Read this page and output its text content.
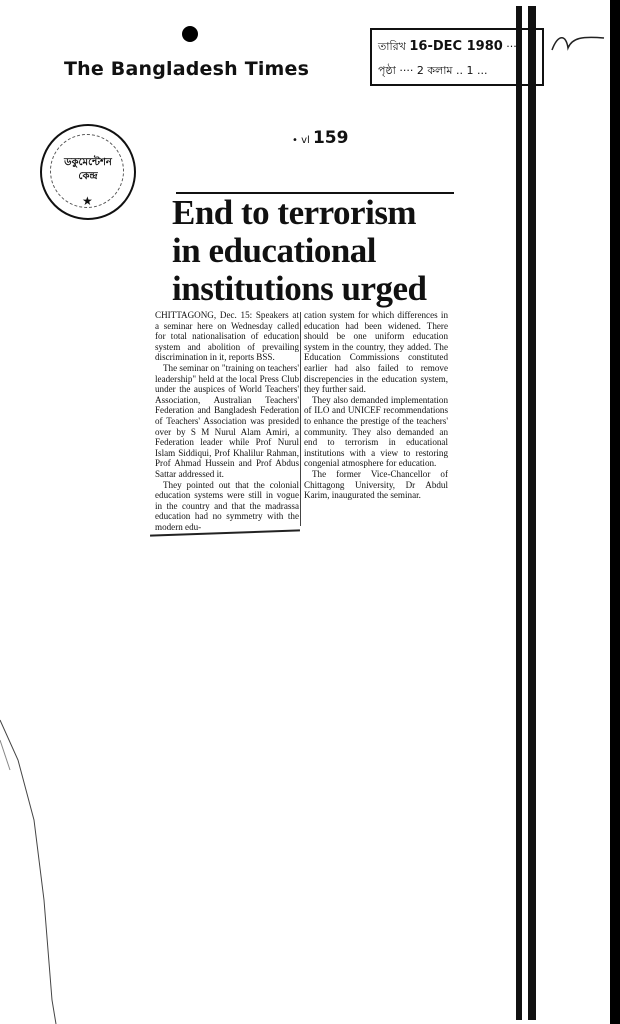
The Bangladesh Times
তারিখ 16-DEC 1980 ···
পৃষ্ঠা ···· 2 কলাম .. 1 ...
ডকুমেন্টেশন
কেন্দ্র
★
• vl 159
End to terrorism
in educational
institutions urged

CHITTAGONG, Dec. 15: Speakers at a seminar here on Wednesday called for total nationalisation of education system and abolition of prevailing discrimination in it, reports BSS.

The seminar on "training on teachers' leadership" held at the local Press Club under the auspices of World Teachers' Association, Australian Teachers' Federation and Bangladesh Federation of Teachers' Association was presided over by S M Nurul Alam Amiri, a Federation leader while Prof Nurul Islam Siddiqui, Prof Khalilur Rahman, Prof Ahmad Hussein and Prof Abdus Sattar addressed it.

They pointed out that the colonial education systems were still in vogue in the country and that the madrassa education had no symmetry with the modern edu-

cation system for which differences in education had been widened. There should be one uniform education system in the country, they added. The Education Commissions constituted earlier had also failed to remove discrepencies in the education system, they further said.

They also demanded implementation of ILO and UNICEF recommendations to enhance the prestige of the teachers' community. They also demanded an end to terrorism in educational institutions with a view to restoring congenial atmosphere for education.

The former Vice-Chancellor of Chittagong University, Dr Abdul Karim, inaugurated the seminar.
